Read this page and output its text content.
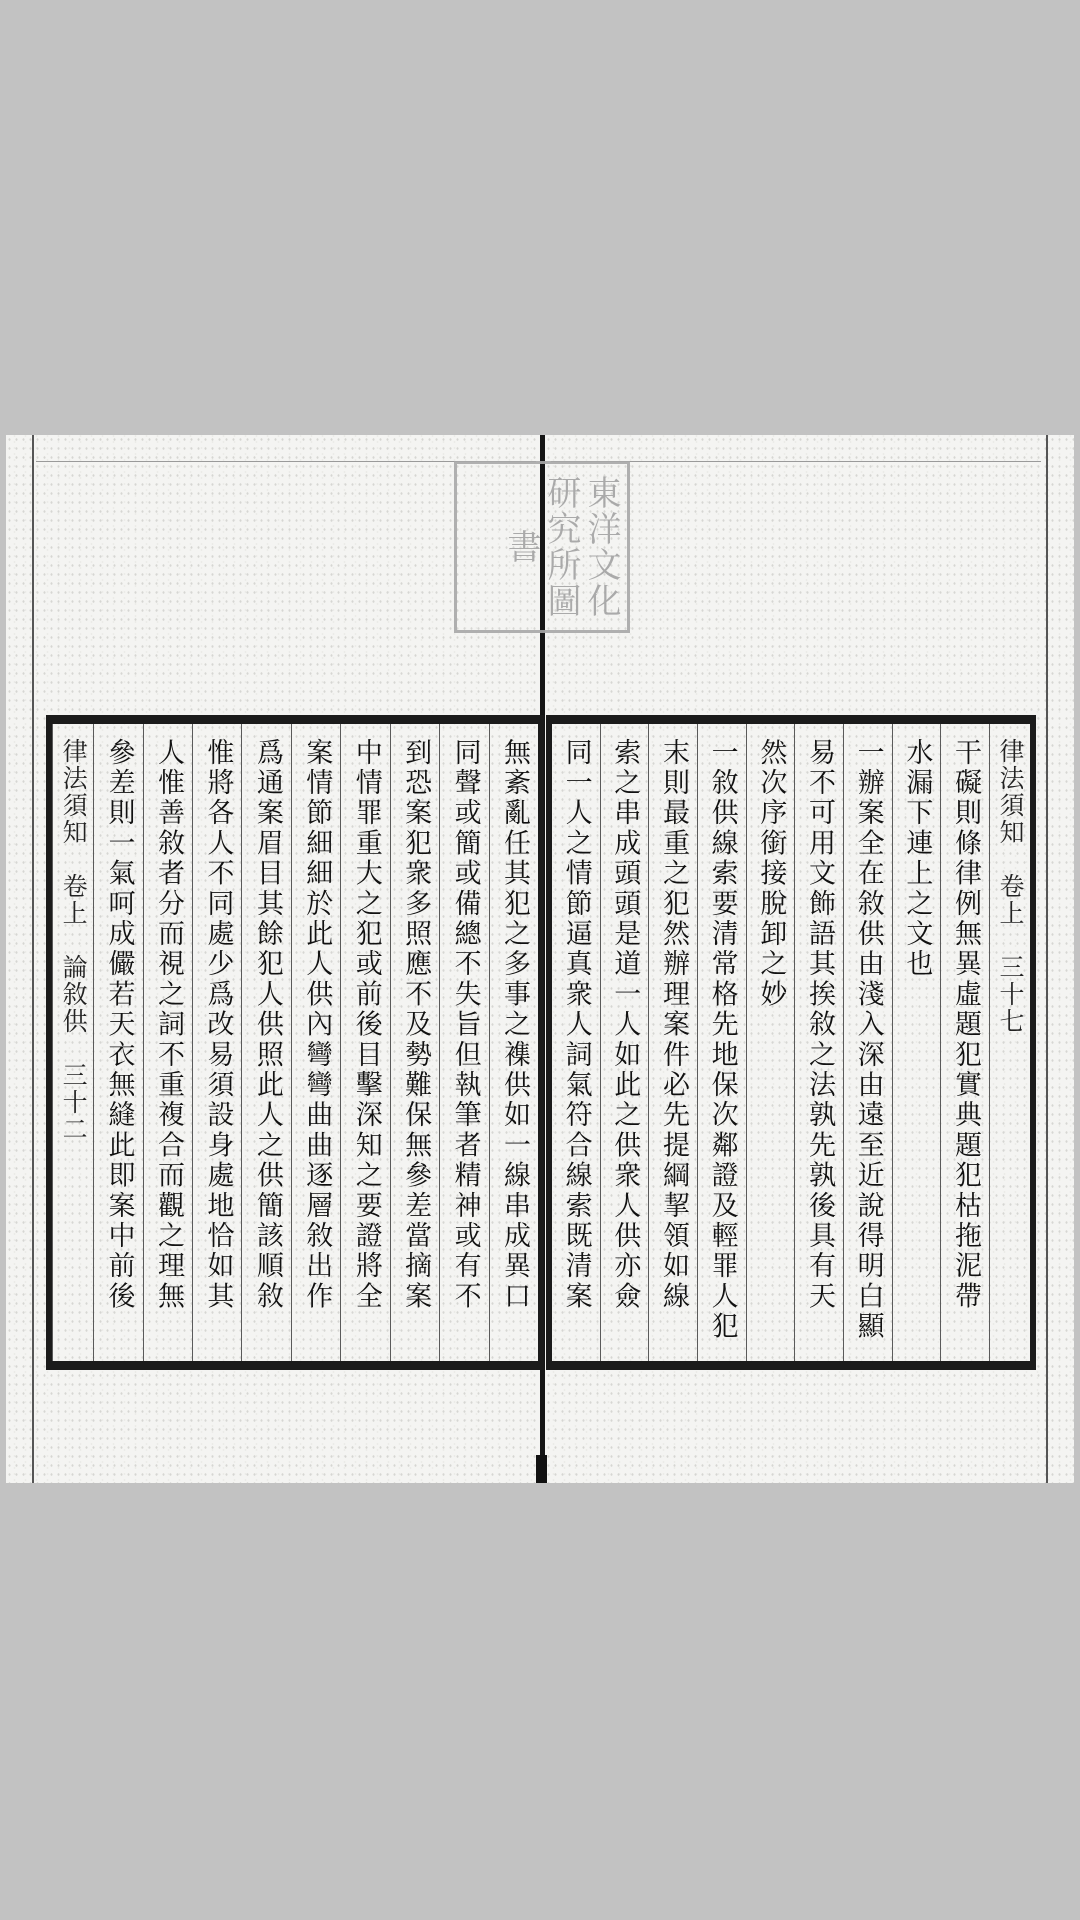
東洋文化研究所圖書
無紊亂任其犯之多事之襍供如一線串成異口
同聲或簡或備總不失旨但執筆者精神或有不
到恐案犯衆多照應不及勢難保無參差當摘案
中情罪重大之犯或前後目擊深知之要證將全
案情節細細於此人供內彎彎曲曲逐層敘出作
爲通案眉目其餘犯人供照此人之供簡該順敘
惟將各人不同處少爲改易須設身處地恰如其
人惟善敘者分而視之詞不重複合而觀之理無
參差則一氣呵成儼若天衣無縫此即案中前後
律法須知　卷上　論敘供　三十二	律法須知　卷上　三十七
干礙則條律例無異虛題犯實典題犯枯拖泥帶
水漏下連上之文也
一辦案全在敘供由淺入深由遠至近說得明白顯
易不可用文飾語其挨敘之法孰先孰後具有天
然次序銜接脫卸之妙
一敘供線索要清常格先地保次鄰證及輕罪人犯
末則最重之犯然辦理案件必先提綱挈領如線
索之串成頭頭是道一人如此之供衆人供亦僉
同一人之情節逼真衆人詞氣符合線索既清案
